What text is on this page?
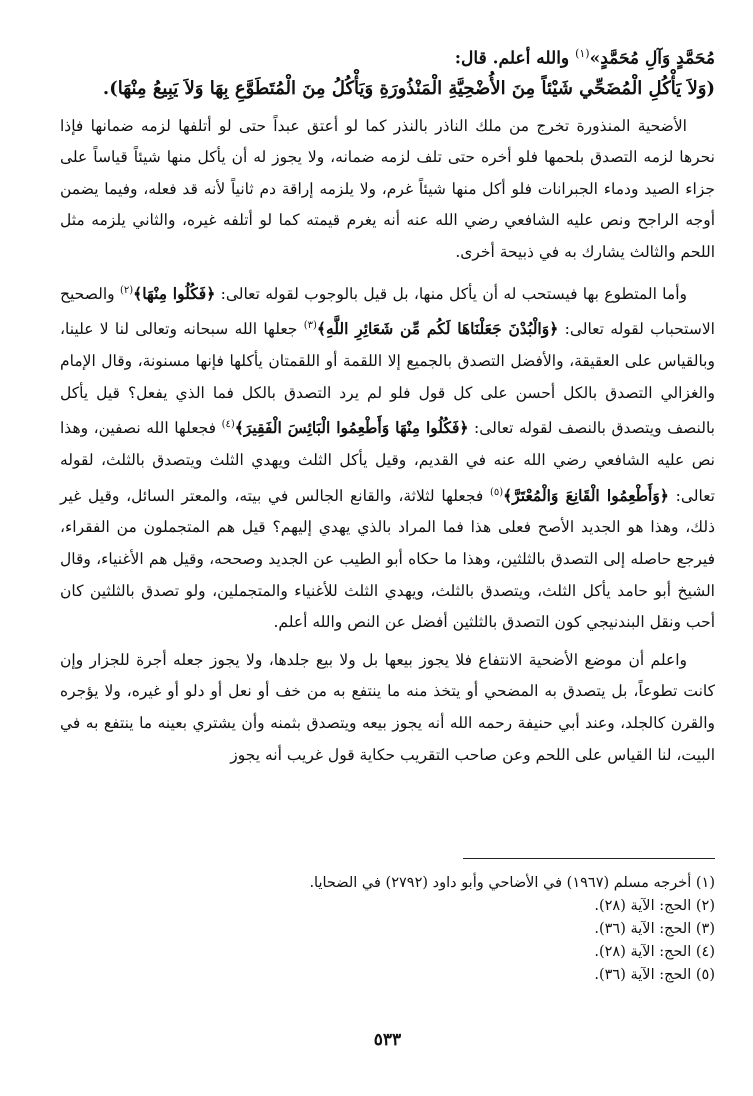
مُحَمَّدٍ وَآلِ مُحَمَّدٍ»$^{(١)}$ والله أعلم. قال:

(وَلاَ يَأْكُلِ الْمُضَحِّي شَيْئاً مِنَ الأُضْحِيَّةِ الْمَنْذُورَةِ وَيَأْكُلُ مِنَ الْمُتَطَوَّعِ بِهَا وَلاَ يَبِيعُ مِنْهَا).

الأضحية المنذورة تخرج من ملك الناذر بالنذر كما لو أعتق عبداً حتى لو أتلفها لزمه ضمانها فإذا نحرها لزمه التصدق بلحمها فلو أخره حتى تلف لزمه ضمانه، ولا يجوز له أن يأكل منها شيئاً قياساً على جزاء الصيد ودماء الجبرانات فلو أكل منها شيئاً غرم، ولا يلزمه إراقة دم ثانياً لأنه قد فعله، وفيما يضمن أوجه الراجح ونص عليه الشافعي رضي الله عنه أنه يغرم قيمته كما لو أتلفه غيره، والثاني يلزمه مثل اللحم والثالث يشارك به في ذبيحة أخرى.

وأما المتطوع بها فيستحب له أن يأكل منها، بل قيل بالوجوب لقوله تعالى: ﴿فَكُلُوا مِنْهَا﴾$^{(٢)}$ والصحيح الاستحباب لقوله تعالى: ﴿وَالْبُدْنَ جَعَلْنَاهَا لَكُم مِّن شَعَائِرِ اللَّهِ﴾$^{(٣)}$ جعلها الله سبحانه وتعالى لنا لا علينا، وبالقياس على العقيقة، والأفضل التصدق بالجميع إلا اللقمة أو اللقمتان يأكلها فإنها مسنونة، وقال الإمام والغزالي التصدق بالكل أحسن على كل قول فلو لم يرد التصدق بالكل فما الذي يفعل؟ قيل يأكل بالنصف ويتصدق بالنصف لقوله تعالى: ﴿فَكُلُوا مِنْهَا وَأَطْعِمُوا الْبَائِسَ الْفَقِيرَ﴾$^{(٤)}$ فجعلها الله نصفين، وهذا نص عليه الشافعي رضي الله عنه في القديم، وقيل يأكل الثلث ويهدي الثلث ويتصدق بالثلث، لقوله تعالى: ﴿وَأَطْعِمُوا الْقَانِعَ وَالْمُعْتَرَّ﴾$^{(٥)}$ فجعلها لثلاثة، والقانع الجالس في بيته، والمعتر السائل، وقيل غير ذلك، وهذا هو الجديد الأصح فعلى هذا فما المراد بالذي يهدي إليهم؟ قيل هم المتجملون من الفقراء، فيرجع حاصله إلى التصدق بالثلثين، وهذا ما حكاه أبو الطيب عن الجديد وصححه، وقيل هم الأغنياء، وقال الشيخ أبو حامد يأكل الثلث، ويتصدق بالثلث، ويهدي الثلث للأغنياء والمتجملين، ولو تصدق بالثلثين كان أحب ونقل البندنيجي كون التصدق بالثلثين أفضل عن النص والله أعلم.

واعلم أن موضع الأضحية الانتفاع فلا يجوز بيعها بل ولا بيع جلدها، ولا يجوز جعله أجرة للجزار وإن كانت تطوعاً، بل يتصدق به المضحي أو يتخذ منه ما ينتفع به من خف أو نعل أو دلو أو غيره، ولا يؤجره والقرن كالجلد، وعند أبي حنيفة رحمه الله أنه يجوز بيعه ويتصدق بثمنه وأن يشتري بعينه ما ينتفع به في البيت، لنا القياس على اللحم وعن صاحب التقريب حكاية قول غريب أنه يجوز

(١) أخرجه مسلم (١٩٦٧) في الأضاحي وأبو داود (٢٧٩٢) في الضحايا.

(٢) الحج: الآية (٢٨).

(٣) الحج: الآية (٣٦).

(٤) الحج: الآية (٢٨).

(٥) الحج: الآية (٣٦).

٥٣٣
